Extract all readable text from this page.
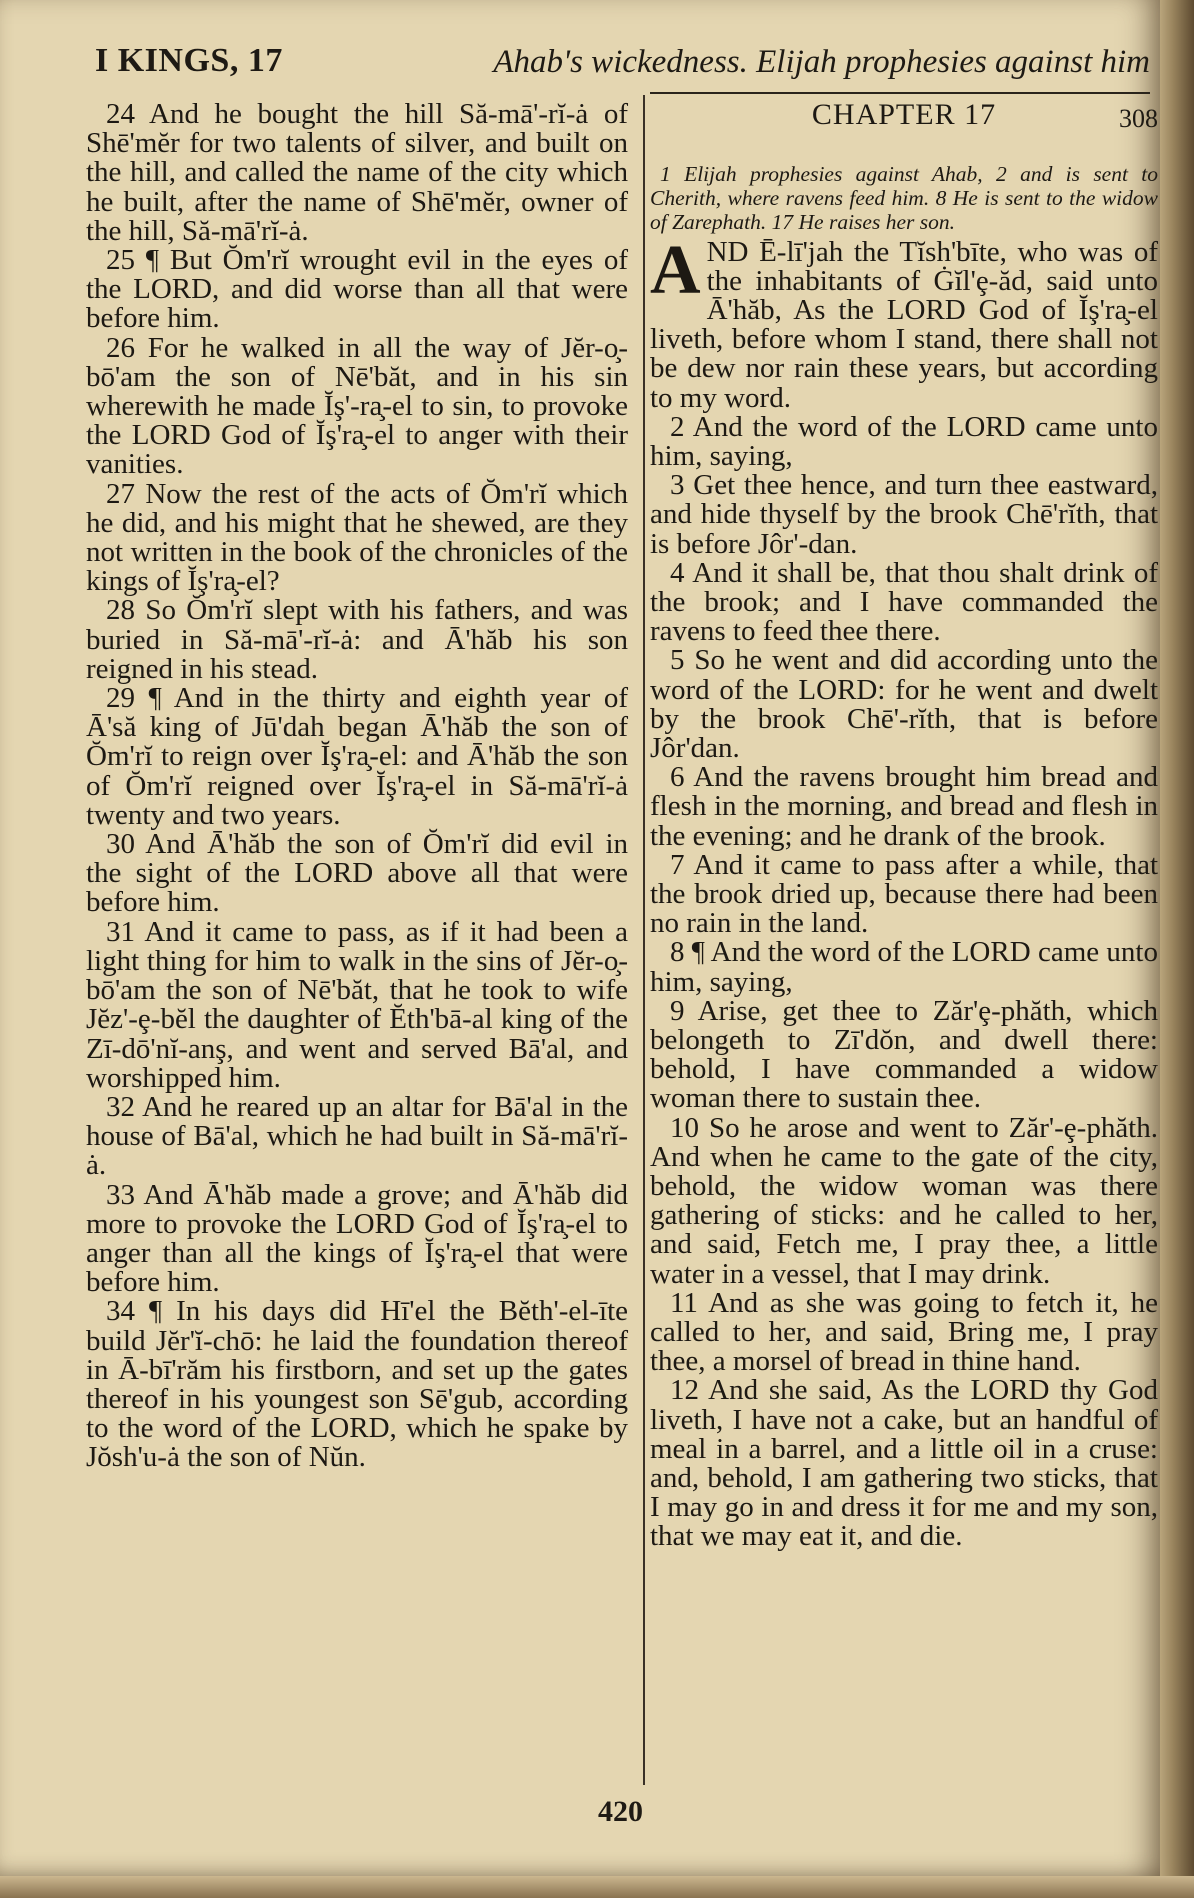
I KINGS, 17	Ahab's wickedness. Elijah prophesies against him

24 And he bought the hill Să-mā'-rĭ-ȧ of Shē'mĕr for two talents of silver, and built on the hill, and called the name of the city which he built, after the name of Shē'mĕr, owner of the hill, Să-mā'rĭ-ȧ.

25 ¶ But Ŏm'rĭ wrought evil in the eyes of the LORD, and did worse than all that were before him.

26 For he walked in all the way of Jĕr-o̧-bō'am the son of Nē'băt, and in his sin wherewith he made Ĭş'-ra̧-el to sin, to provoke the LORD God of Ĭş'ra̧-el to anger with their vanities.

27 Now the rest of the acts of Ŏm'rĭ which he did, and his might that he shewed, are they not written in the book of the chronicles of the kings of Ĭş'ra̧-el?

28 So Ŏm'rĭ slept with his fathers, and was buried in Să-mā'-rĭ-ȧ: and Ā'hăb his son reigned in his stead.

29 ¶ And in the thirty and eighth year of Ā'să king of Jū'dah began Ā'hăb the son of Ŏm'rĭ to reign over Ĭş'ra̧-el: and Ā'hăb the son of Ŏm'rĭ reigned over Ĭş'ra̧-el in Să-mā'rĭ-ȧ twenty and two years.

30 And Ā'hăb the son of Ŏm'rĭ did evil in the sight of the LORD above all that were before him.

31 And it came to pass, as if it had been a light thing for him to walk in the sins of Jĕr-o̧-bō'am the son of Nē'băt, that he took to wife Jĕz'-ȩ-bĕl the daughter of Ĕth'bā-al king of the Zī-dō'nĭ-anş, and went and served Bā'al, and worshipped him.

32 And he reared up an altar for Bā'al in the house of Bā'al, which he had built in Să-mā'rĭ-ȧ.

33 And Ā'hăb made a grove; and Ā'hăb did more to provoke the LORD God of Ĭş'ra̧-el to anger than all the kings of Ĭş'ra̧-el that were before him.

34 ¶ In his days did Hī'el the Bĕth'-el-īte build Jĕr'ĭ-chō: he laid the foundation thereof in Ā-bī'răm his firstborn, and set up the gates thereof in his youngest son Sē'gub, according to the word of the LORD, which he spake by Jŏsh'u-ȧ the son of Nŭn.

CHAPTER 17	308

1 Elijah prophesies against Ahab, 2 and is sent to Cherith, where ravens feed him. 8 He is sent to the widow of Zarephath. 17 He raises her son.

AND Ē-lī'jah the Tĭsh'bīte, who was of the inhabitants of Ġĭl'ȩ-ăd, said unto Ā'hăb, As the LORD God of Ĭş'ra̧-el liveth, before whom I stand, there shall not be dew nor rain these years, but according to my word.

2 And the word of the LORD came unto him, saying,

3 Get thee hence, and turn thee eastward, and hide thyself by the brook Chē'rĭth, that is before Jôr'-dan.

4 And it shall be, that thou shalt drink of the brook; and I have commanded the ravens to feed thee there.

5 So he went and did according unto the word of the LORD: for he went and dwelt by the brook Chē'-rĭth, that is before Jôr'dan.

6 And the ravens brought him bread and flesh in the morning, and bread and flesh in the evening; and he drank of the brook.

7 And it came to pass after a while, that the brook dried up, because there had been no rain in the land.

8 ¶ And the word of the LORD came unto him, saying,

9 Arise, get thee to Zăr'ȩ-phăth, which belongeth to Zī'dŏn, and dwell there: behold, I have commanded a widow woman there to sustain thee.

10 So he arose and went to Zăr'-ȩ-phăth. And when he came to the gate of the city, behold, the widow woman was there gathering of sticks: and he called to her, and said, Fetch me, I pray thee, a little water in a vessel, that I may drink.

11 And as she was going to fetch it, he called to her, and said, Bring me, I pray thee, a morsel of bread in thine hand.

12 And she said, As the LORD thy God liveth, I have not a cake, but an handful of meal in a barrel, and a little oil in a cruse: and, behold, I am gathering two sticks, that I may go in and dress it for me and my son, that we may eat it, and die.

420
